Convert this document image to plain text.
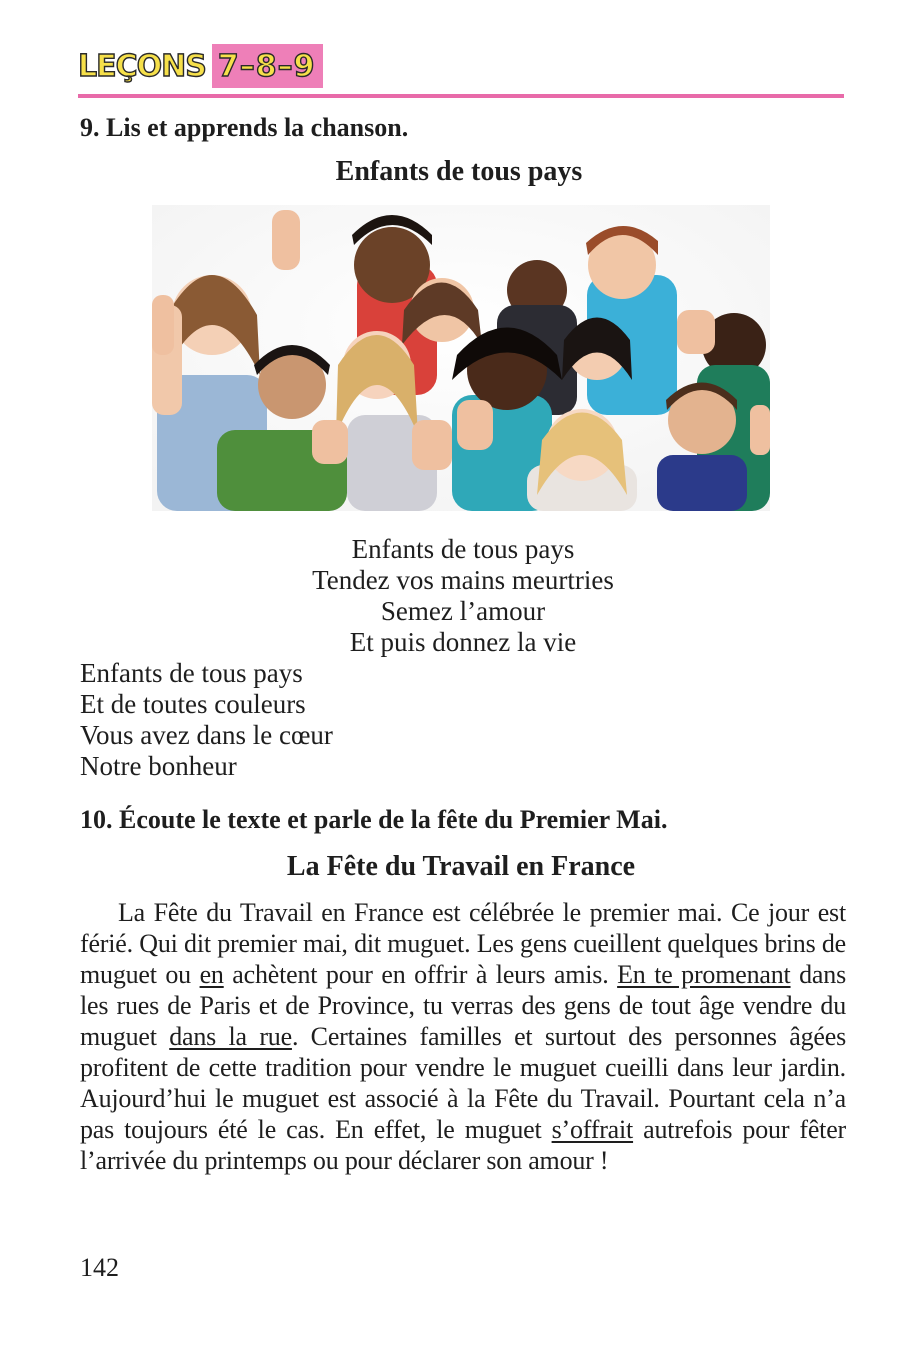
LEÇONS 7–8–9
9. Lis et apprends la chanson.
Enfants de tous pays
Enfants de tous pays
Tendez vos mains meurtries
Semez l’amour
Et puis donnez la vie
Enfants de tous pays
Et de toutes couleurs
Vous avez dans le cœur
Notre bonheur
10. Écoute le texte et parle de la fête du Premier Mai.
La Fête du Travail en France
La Fête du Travail en France est célébrée le premier mai. Ce jour est férié. Qui dit premier mai, dit muguet. Les gens cueillent quelques brins de muguet ou en achètent pour en offrir à leurs amis. En te promenant dans les rues de Paris et de Province, tu verras des gens de tout âge vendre du muguet dans la rue. Certaines familles et surtout des personnes âgées profitent de cette tradition pour vendre le muguet cueilli dans leur jardin. Aujourd’hui le muguet est associé à la Fête du Travail. Pourtant cela n’a pas toujours été le cas. En effet, le muguet s’offrait autrefois pour fêter l’arrivée du printemps ou pour déclarer son amour !
142
